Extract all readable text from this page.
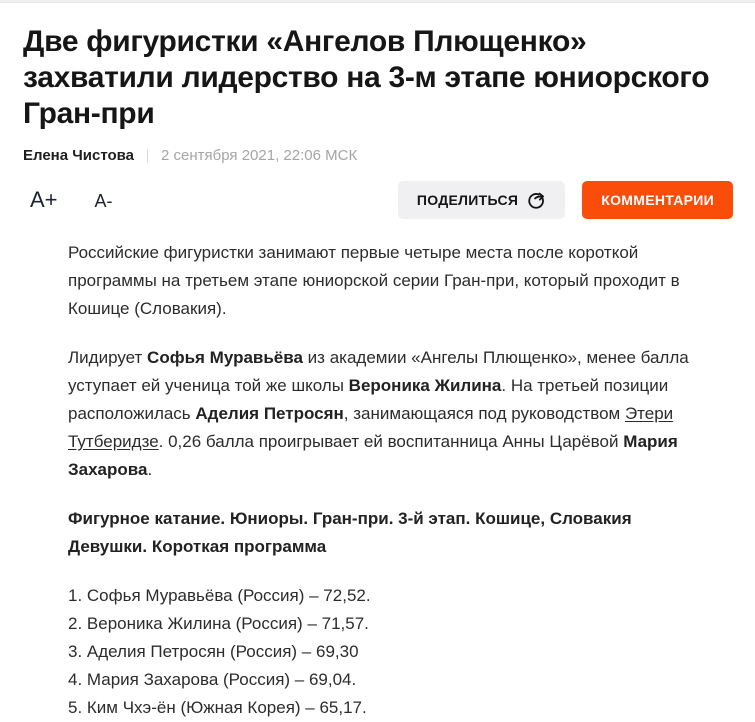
Две фигуристки «Ангелов Плющенко» захватили лидерство на 3-м этапе юниорского Гран-при
Елена Чистова 2 сентября 2021, 22:06 МСК
A+ A-	ПОДЕЛИТЬСЯ	КОММЕНТАРИИ

Российские фигуристки занимают первые четыре места после короткой программы на третьем этапе юниорской серии Гран-при, который проходит в Кошице (Словакия).

Лидирует Софья Муравьёва из академии «Ангелы Плющенко», менее балла уступает ей ученица той же школы Вероника Жилина. На третьей позиции расположилась Аделия Петросян, занимающаяся под руководством Этери Тутберидзе. 0,26 балла проигрывает ей воспитанница Анны Царёвой Мария Захарова.

Фигурное катание. Юниоры. Гран-при. 3-й этап. Кошице, Словакия
Девушки. Короткая программа

1. Софья Муравьёва (Россия) – 72,52.
2. Вероника Жилина (Россия) – 71,57.
3. Аделия Петросян (Россия) – 69,30
4. Мария Захарова (Россия) – 69,04.
5. Ким Чхэ-ён (Южная Корея) – 65,17.
